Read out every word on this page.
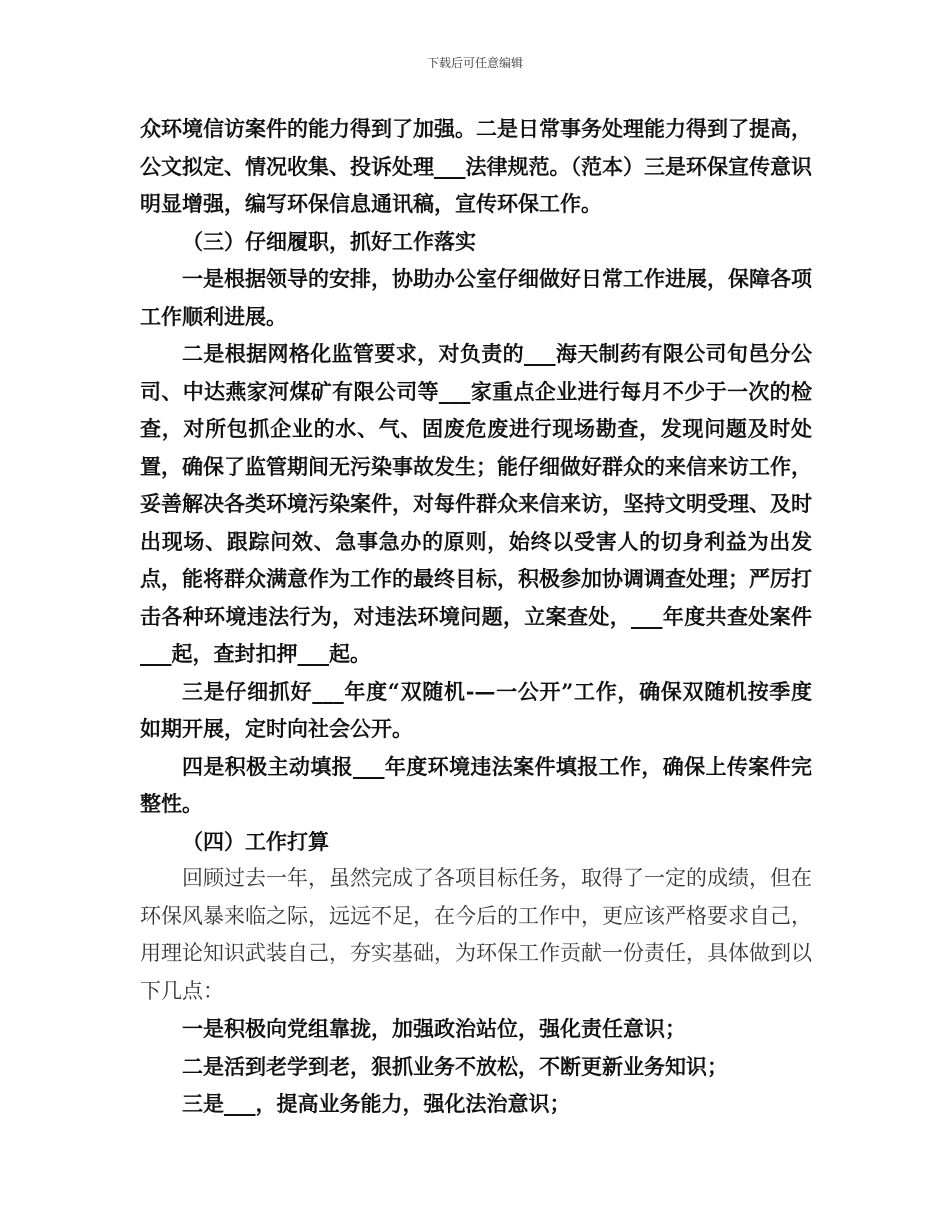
下载后可任意编辑

众环境信访案件的能力得到了加强。二是日常事务处理能力得到了提高，公文拟定、情况收集、投诉处理___法律规范。（范本）三是环保宣传意识明显增强，编写环保信息通讯稿，宣传环保工作。

（三）仔细履职，抓好工作落实

一是根据领导的安排，协助办公室仔细做好日常工作进展，保障各项工作顺利进展。

二是根据网格化监管要求，对负责的___海天制药有限公司旬邑分公司、中达燕家河煤矿有限公司等___家重点企业进行每月不少于一次的检查，对所包抓企业的水、气、固废危废进行现场勘查，发现问题及时处置，确保了监管期间无污染事故发生；能仔细做好群众的来信来访工作，妥善解决各类环境污染案件，对每件群众来信来访，坚持文明受理、及时出现场、跟踪问效、急事急办的原则，始终以受害人的切身利益为出发点，能将群众满意作为工作的最终目标，积极参加协调调查处理；严厉打击各种环境违法行为，对违法环境问题，立案查处，___年度共查处案件___起，查封扣押___起。

三是仔细抓好___年度“双随机-—一公开”工作，确保双随机按季度如期开展，定时向社会公开。

四是积极主动填报___年度环境违法案件填报工作，确保上传案件完整性。

（四）工作打算

回顾过去一年，虽然完成了各项目标任务，取得了一定的成绩，但在环保风暴来临之际，远远不足，在今后的工作中，更应该严格要求自己，用理论知识武装自己，夯实基础，为环保工作贡献一份责任，具体做到以下几点：

一是积极向党组靠拢，加强政治站位，强化责任意识；

二是活到老学到老，狠抓业务不放松，不断更新业务知识；

三是___，提高业务能力，强化法治意识；
